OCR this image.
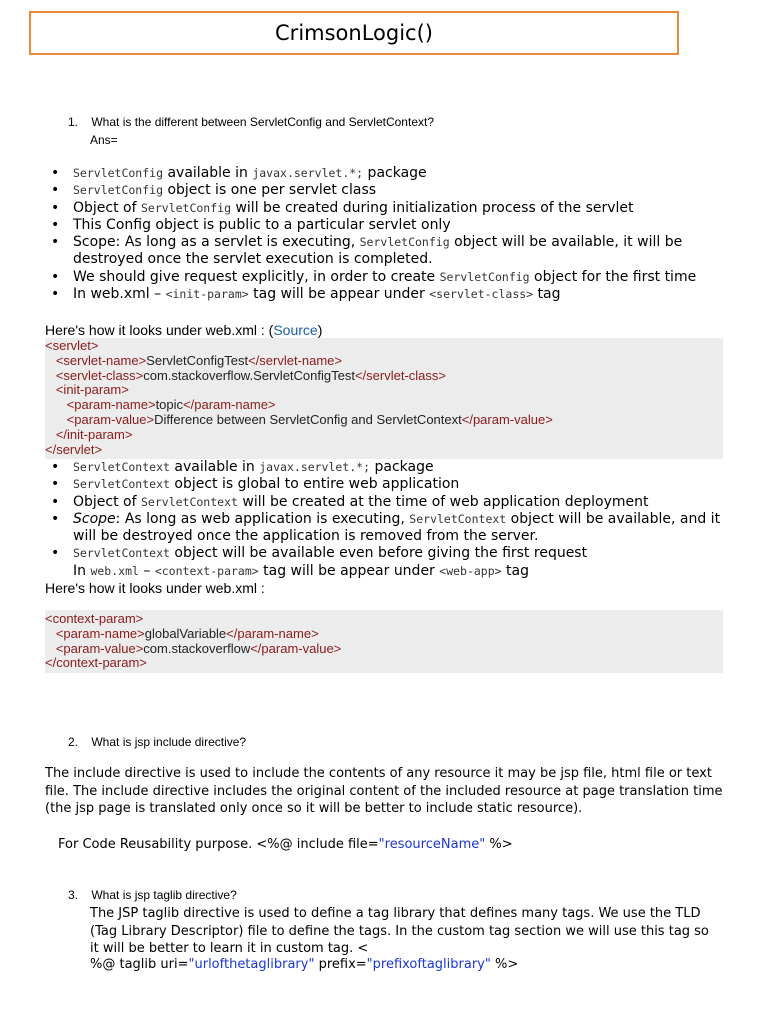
CrimsonLogic()
1. What is the different between ServletConfig and ServletContext?
Ans=
• ServletConfig available in javax.servlet.*; package
• ServletConfig object is one per servlet class
• Object of ServletConfig will be created during initialization process of the servlet
• This Config object is public to a particular servlet only
• Scope: As long as a servlet is executing, ServletConfig object will be available, it will be destroyed once the servlet execution is completed.
• We should give request explicitly, in order to create ServletConfig object for the first time
• In web.xml – <init-param> tag will be appear under <servlet-class> tag
Here's how it looks under web.xml : (Source)
<servlet>
<servlet-name>ServletConfigTest</servlet-name>
<servlet-class>com.stackoverflow.ServletConfigTest</servlet-class>
<init-param>
<param-name>topic</param-name>
<param-value>Difference between ServletConfig and ServletContext</param-value>
</init-param>
</servlet>
• ServletContext available in javax.servlet.*; package
• ServletContext object is global to entire web application
• Object of ServletContext will be created at the time of web application deployment
• Scope: As long as web application is executing, ServletContext object will be available, and it will be destroyed once the application is removed from the server.
• ServletContext object will be available even before giving the first request
In web.xml – <context-param> tag will be appear under <web-app> tag
Here's how it looks under web.xml :
<context-param>
<param-name>globalVariable</param-name>
<param-value>com.stackoverflow</param-value>
</context-param>
2. What is jsp include directive?
The include directive is used to include the contents of any resource it may be jsp file, html file or text file. The include directive includes the original content of the included resource at page translation time (the jsp page is translated only once so it will be better to include static resource).
For Code Reusability purpose. <%@ include file="resourceName" %>
3. What is jsp taglib directive?
The JSP taglib directive is used to define a tag library that defines many tags. We use the TLD (Tag Library Descriptor) file to define the tags. In the custom tag section we will use this tag so it will be better to learn it in custom tag. <
%@ taglib uri="urlofthetaglibrary" prefix="prefixoftaglibrary" %>
